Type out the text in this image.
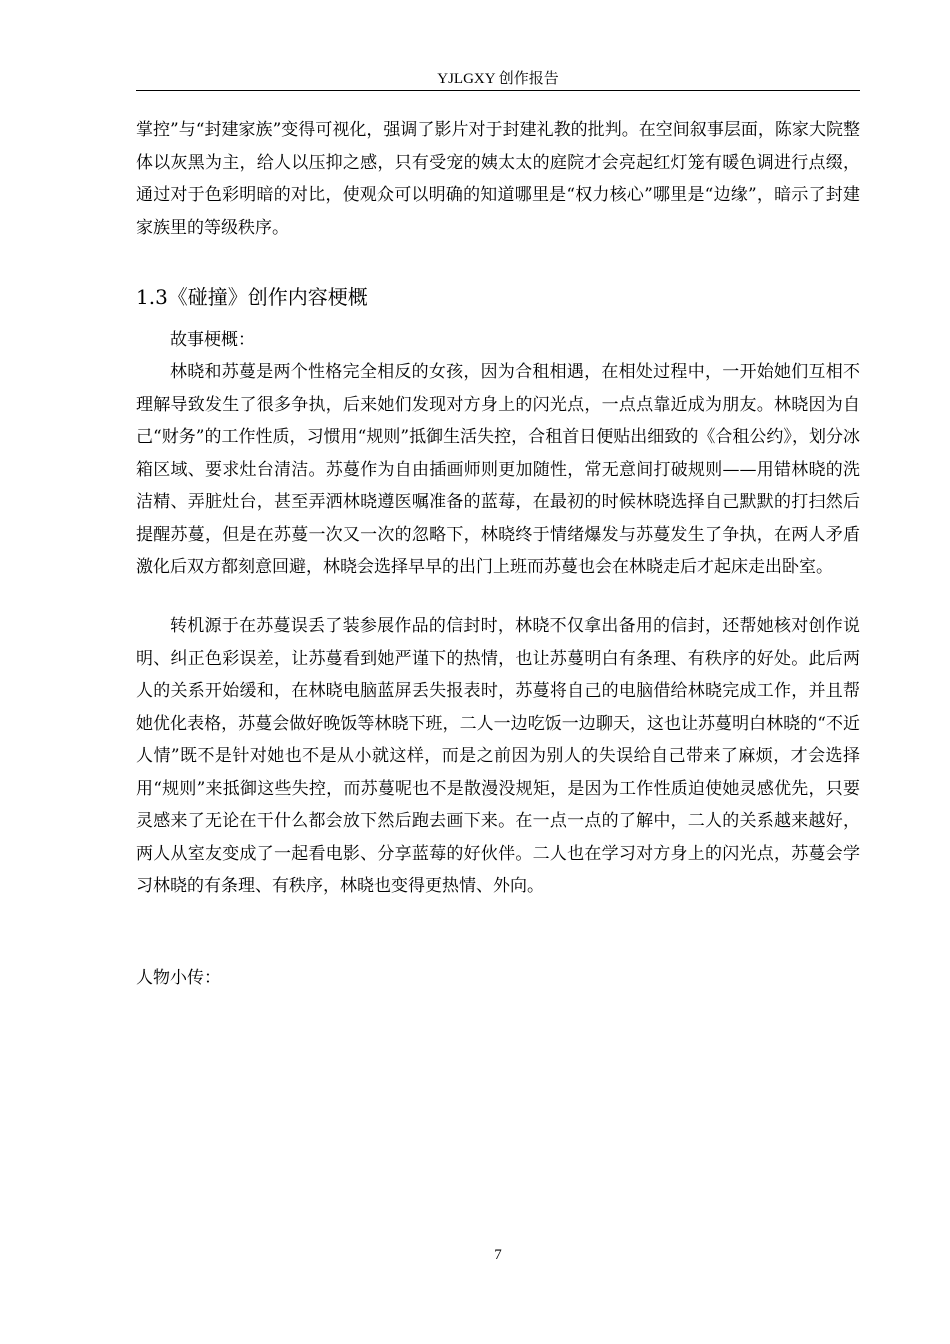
YJLGXY 创作报告

掌控”与“封建家族”变得可视化，强调了影片对于封建礼教的批判。在空间叙事层面，陈家大院整体以灰黑为主，给人以压抑之感，只有受宠的姨太太的庭院才会亮起红灯笼有暖色调进行点缀，通过对于色彩明暗的对比，使观众可以明确的知道哪里是“权力核心”哪里是“边缘”，暗示了封建家族里的等级秩序。

1.3《碰撞》创作内容梗概

故事梗概：

林晓和苏蔓是两个性格完全相反的女孩，因为合租相遇，在相处过程中，一开始她们互相不理解导致发生了很多争执，后来她们发现对方身上的闪光点，一点点靠近成为朋友。林晓因为自己“财务”的工作性质，习惯用“规则”抵御生活失控，合租首日便贴出细致的《合租公约》，划分冰箱区域、要求灶台清洁。苏蔓作为自由插画师则更加随性，常无意间打破规则——用错林晓的洗洁精、弄脏灶台，甚至弄洒林晓遵医嘱准备的蓝莓，在最初的时候林晓选择自己默默的打扫然后提醒苏蔓，但是在苏蔓一次又一次的忽略下，林晓终于情绪爆发与苏蔓发生了争执，在两人矛盾激化后双方都刻意回避，林晓会选择早早的出门上班而苏蔓也会在林晓走后才起床走出卧室。

转机源于在苏蔓误丢了装参展作品的信封时，林晓不仅拿出备用的信封，还帮她核对创作说明、纠正色彩误差，让苏蔓看到她严谨下的热情，也让苏蔓明白有条理、有秩序的好处。此后两人的关系开始缓和，在林晓电脑蓝屏丢失报表时，苏蔓将自己的电脑借给林晓完成工作，并且帮她优化表格，苏蔓会做好晚饭等林晓下班，二人一边吃饭一边聊天，这也让苏蔓明白林晓的“不近人情”既不是针对她也不是从小就这样，而是之前因为别人的失误给自己带来了麻烦，才会选择用“规则”来抵御这些失控，而苏蔓呢也不是散漫没规矩，是因为工作性质迫使她灵感优先，只要灵感来了无论在干什么都会放下然后跑去画下来。在一点一点的了解中，二人的关系越来越好，两人从室友变成了一起看电影、分享蓝莓的好伙伴。二人也在学习对方身上的闪光点，苏蔓会学习林晓的有条理、有秩序，林晓也变得更热情、外向。

人物小传：

7
